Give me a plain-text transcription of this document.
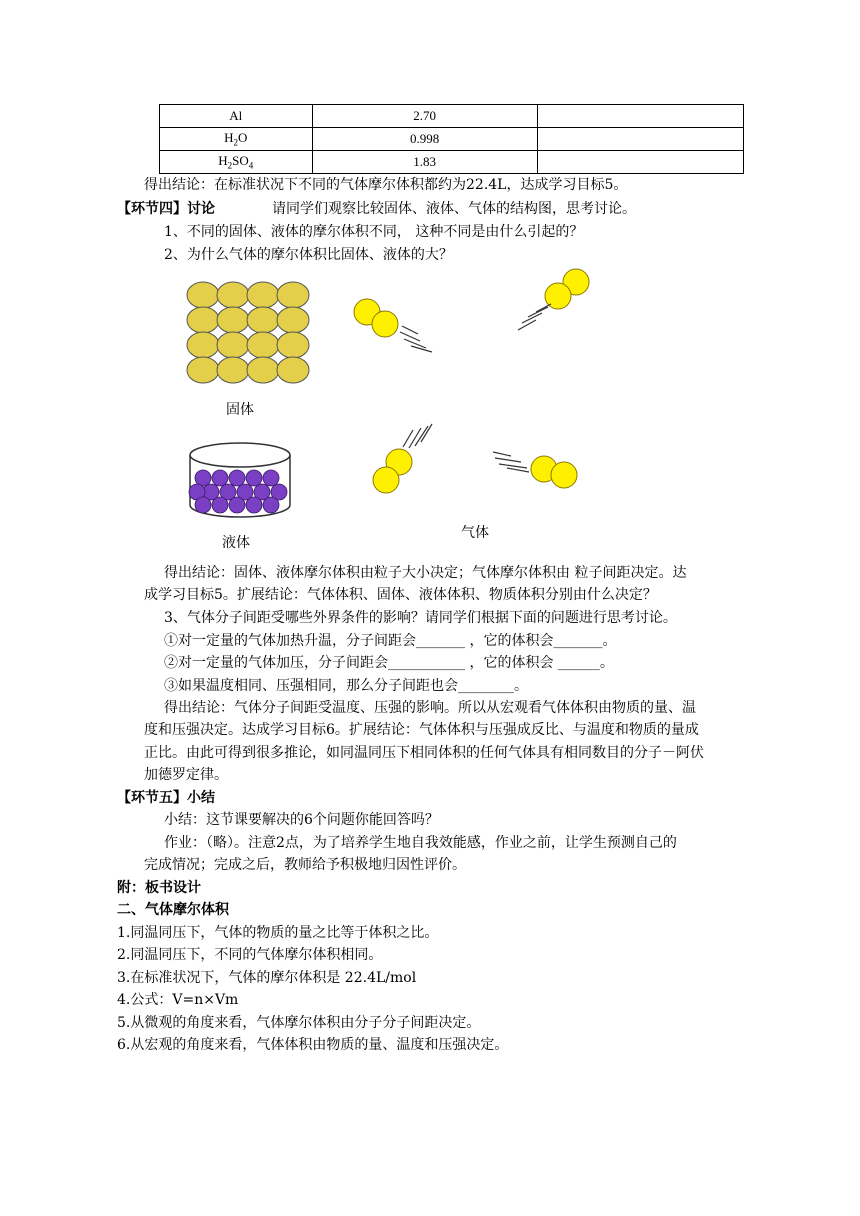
Al	2.70	
$H_2O$	0.998	
$H_2SO_4$	1.83	
得出结论：在标准状况下不同的气体摩尔体积都约为22.4L，达成学习目标5。
【环节四】讨论	请同学们观察比较固体、液体、气体的结构图，思考讨论。
1、不同的固体、液体的摩尔体积不同， 这种不同是由什么引起的？
2、为什么气体的摩尔体积比固体、液体的大？
固体
液体
气体
得出结论：固体、液体摩尔体积由粒子大小决定；气体摩尔体积由 粒子间距决定。达
成学习目标5。扩展结论：气体体积、固体、液体体积、物质体积分别由什么决定？
3、气体分子间距受哪些外界条件的影响？请同学们根据下面的问题进行思考讨论。
①对一定量的气体加热升温，分子间距会_______ ，它的体积会_______。
②对一定量的气体加压，分子间距会___________ ，它的体积会 ______。
③如果温度相同、压强相同，那么分子间距也会________。
得出结论：气体分子间距受温度、压强的影响。所以从宏观看气体体积由物质的量、温
度和压强决定。达成学习目标6。扩展结论：气体体积与压强成反比、与温度和物质的量成
正比。由此可得到很多推论，如同温同压下相同体积的任何气体具有相同数目的分子－阿伏
加德罗定律。
【环节五】小结
小结：这节课要解决的6个问题你能回答吗？
作业：（略）。注意2点，为了培养学生地自我效能感，作业之前，让学生预测自己的
完成情况；完成之后，教师给予积极地归因性评价。
附：板书设计
二、气体摩尔体积
1.同温同压下，气体的物质的量之比等于体积之比。
2.同温同压下，不同的气体摩尔体积相同。
3.在标准状况下，气体的摩尔体积是 22.4L/mol
4.公式：V=n×Vm
5.从微观的角度来看，气体摩尔体积由分子分子间距决定。
6.从宏观的角度来看，气体体积由物质的量、温度和压强决定。
